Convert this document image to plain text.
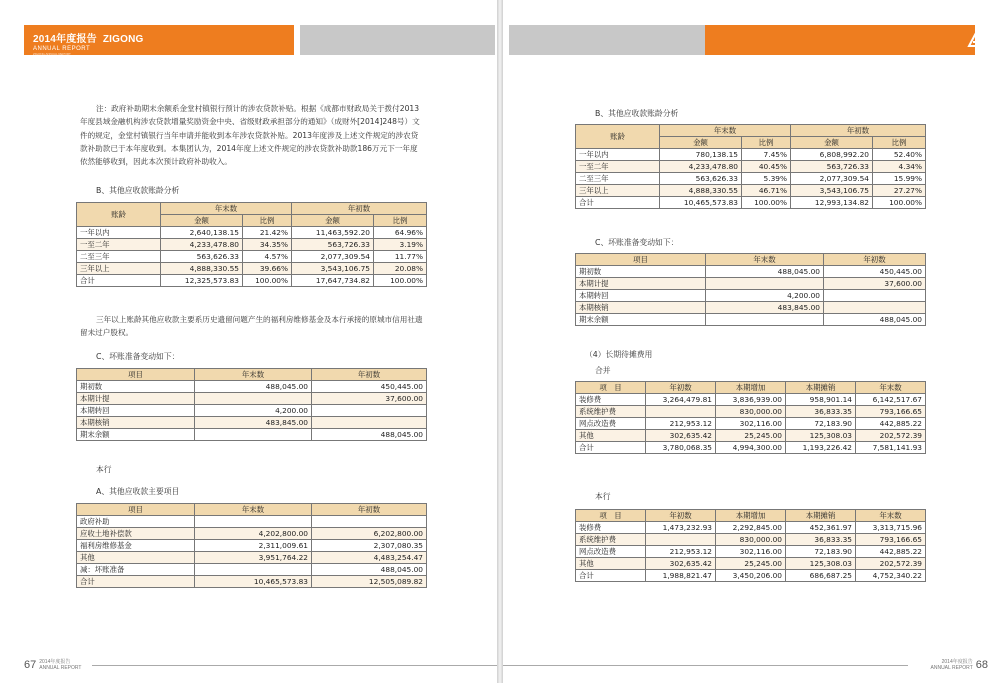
2014年度报告 ZIGONG
ANNUAL REPORT
ZIGONG ANNUAL REPORT

注：政府补助期末余额系金堂村镇银行预计的涉农贷款补贴。根据《成都市财政局关于拨付2013年度县域金融机构涉农贷款增量奖励资金中央、省级财政承担部分的通知》（成财外[2014]248号）文件的规定，金堂村镇银行当年申请并能收到本年涉农贷款补贴。2013年度涉及上述文件规定的涉农贷款补助款已于本年度收到。本集团认为，2014年度上述文件规定的涉农贷款补助款186万元下一年度依然能够收到，因此本次预计政府补助收入。

B、其他应收款账龄分析
账龄	年末数		年初数	
	金额	比例	金额	比例
一年以内	2,640,138.15	21.42%	11,463,592.20	64.96%
一至二年	4,233,478.80	34.35%	563,726.33	3.19%
二至三年	563,626.33	4.57%	2,077,309.54	11.77%
三年以上	4,888,330.55	39.66%	3,543,106.75	20.08%
合计	12,325,573.83	100.00%	17,647,734.82	100.00%

三年以上账龄其他应收款主要系历史遗留问题产生的福利房维修基金及本行承接的原城市信用社遗留未过户股权。

C、坏账准备变动如下：
项目	年末数	年初数
期初数	488,045.00	450,445.00
本期计提		37,600.00
本期转回	4,200.00	
本期核销	483,845.00	
期末余额		488,045.00
本行
A、其他应收款主要项目
项目	年末数	年初数
政府补助		
应收土地补偿款	4,202,800.00	6,202,800.00
福利房维修基金	2,311,009.61	2,307,080.35
其他	3,951,764.22	4,483,254.47
减：坏账准备		488,045.00
合计	10,465,573.83	12,505,089.82
67 2014年度报告
ANNUAL REPORT
B、其他应收款账龄分析
账龄	年末数		年初数	
	金额	比例	金额	比例
一年以内	780,138.15	7.45%	6,808,992.20	52.40%
一至二年	4,233,478.80	40.45%	563,726.33	4.34%
二至三年	563,626.33	5.39%	2,077,309.54	15.99%
三年以上	4,888,330.55	46.71%	3,543,106.75	27.27%
合计	10,465,573.83	100.00%	12,993,134.82	100.00%
C、坏账准备变动如下：
项目	年末数	年初数
期初数	488,045.00	450,445.00
本期计提		37,600.00
本期转回	4,200.00	
本期核销	483,845.00	
期末余额		488,045.00
（4）长期待摊费用
合并
项　目	年初数	本期增加	本期摊销	年末数
装修费	3,264,479.81	3,836,939.00	958,901.14	6,142,517.67
系统维护费		830,000.00	36,833.35	793,166.65
网点改造费	212,953.12	302,116.00	72,183.90	442,885.22
其他	302,635.42	25,245.00	125,308.03	202,572.39
合计	3,780,068.35	4,994,300.00	1,193,226.42	7,581,141.93
本行
项　目	年初数	本期增加	本期摊销	年末数
装修费	1,473,232.93	2,292,845.00	452,361.97	3,313,715.96
系统维护费		830,000.00	36,833.35	793,166.65
网点改造费	212,953.12	302,116.00	72,183.90	442,885.22
其他	302,635.42	25,245.00	125,308.03	202,572.39
合计	1,988,821.47	3,450,206.00	686,687.25	4,752,340.22
2014年度报告
ANNUAL REPORT 68
